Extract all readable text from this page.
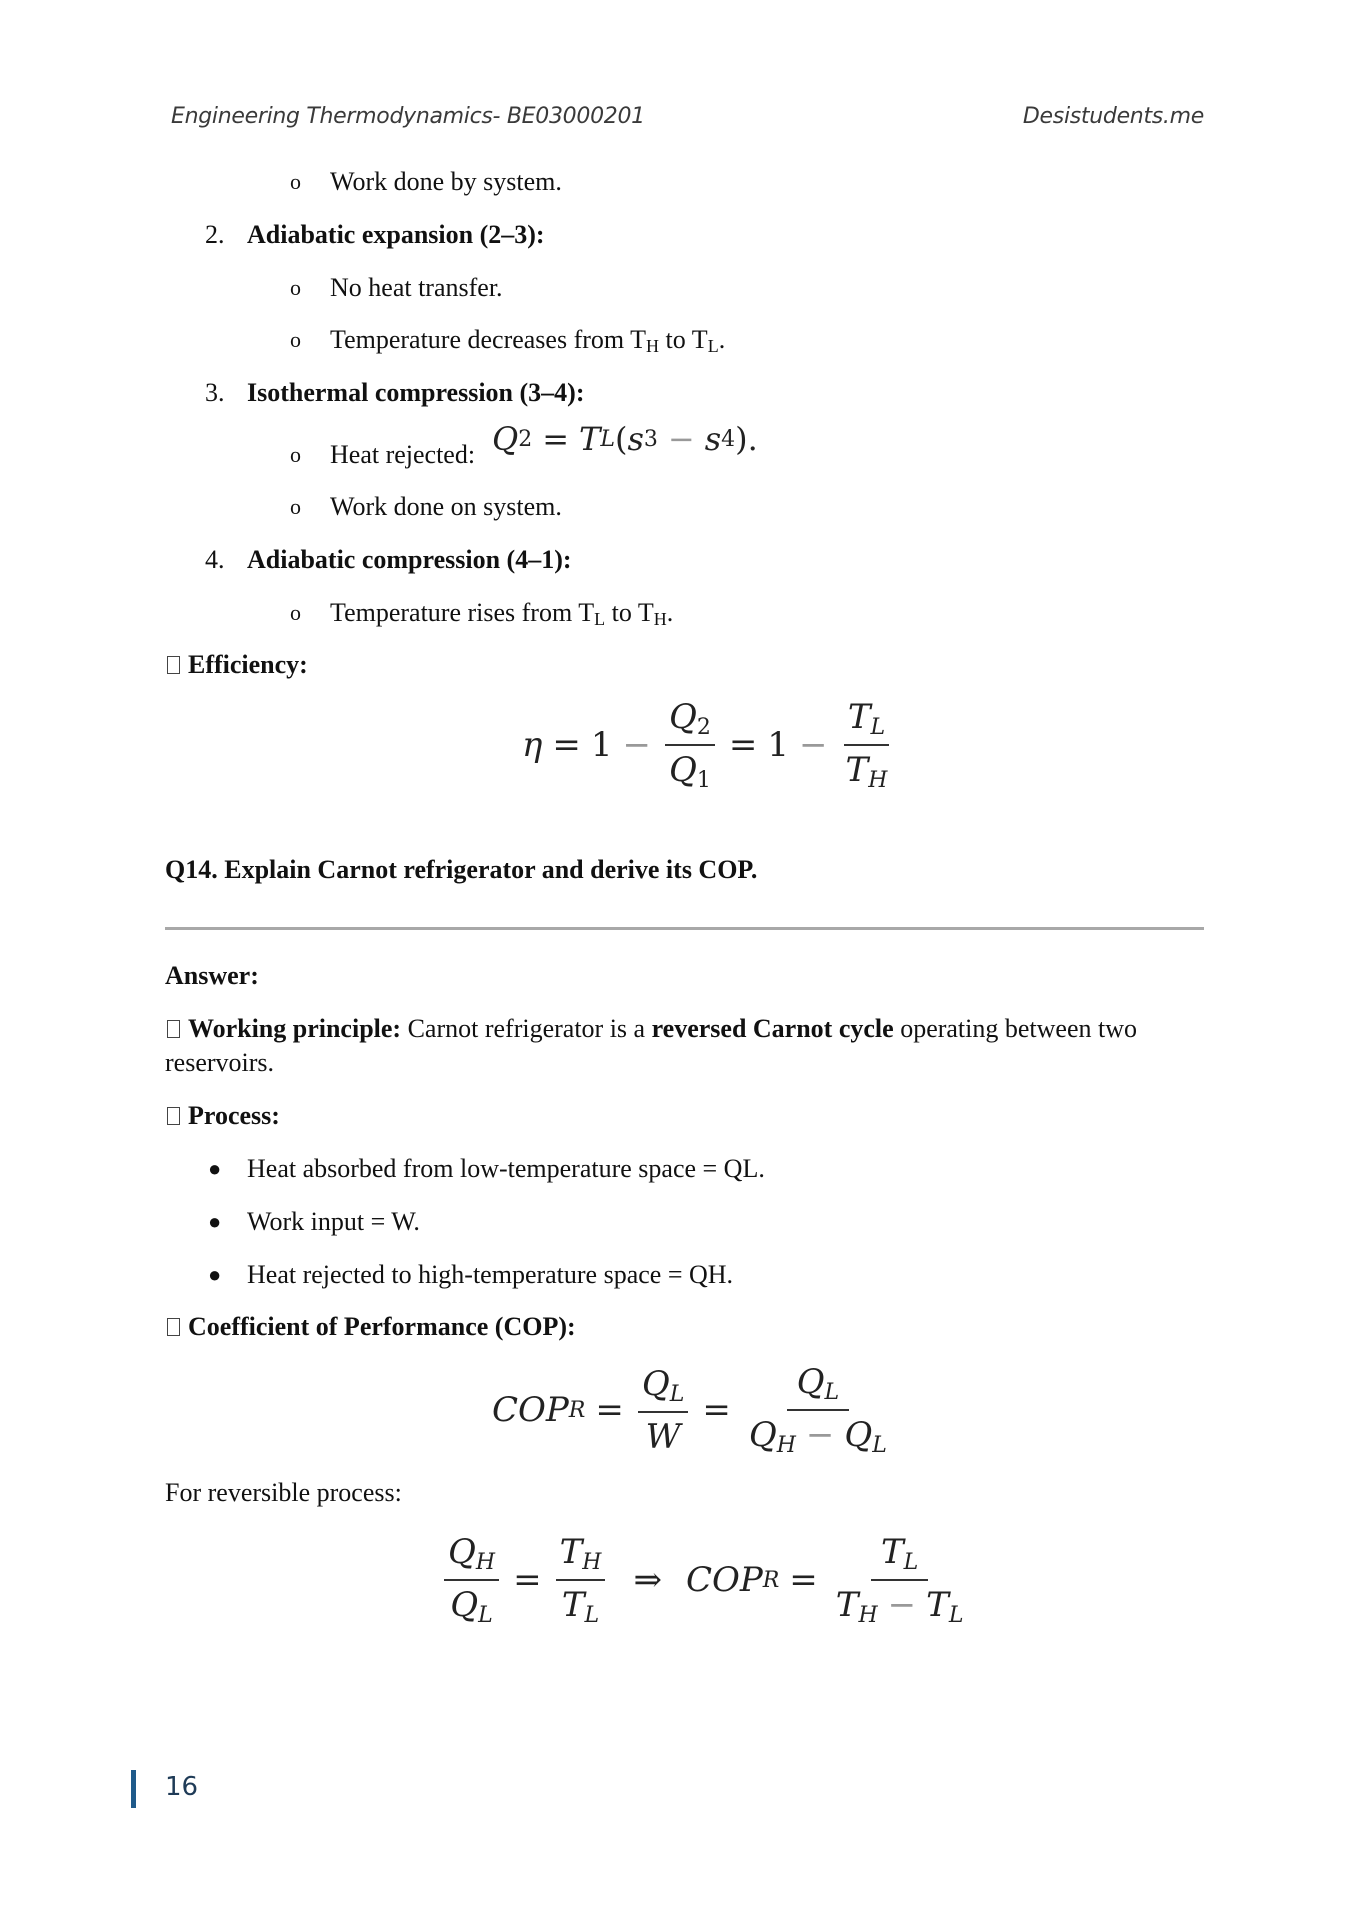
Engineering Thermodynamics- BE03000201	Desistudents.me
o Work done by system.
2. Adiabatic expansion (2–3):
o No heat transfer.
o Temperature decreases from $T_H$ to $T_L$.
3. Isothermal compression (3–4):
o Heat rejected: Q 2 = T L ( s 3 − s 4 ).
o Work done on system.
4. Adiabatic compression (4–1):
o Temperature rises from $T_L$ to $T_H$.
Efficiency:
$\eta = 1 - \frac{Q_2}{Q_1} = 1 - \frac{T_L}{T_H}$
Q14. Explain Carnot refrigerator and derive its COP.
Answer:
Working principle: Carnot refrigerator is a reversed Carnot cycle operating between two
reservoirs.
Process:
● Heat absorbed from low-temperature space = QL.
● Work input = W.
● Heat rejected to high-temperature space = QH.
Coefficient of Performance (COP):
COP $R = \frac{Q_L}{W} = \frac{Q_L}{Q_H - Q_L}$
For reversible process:
$\frac{Q_H}{Q_L} = \frac{T_H}{T_L}$ ⇒ COP $R = \frac{T_L}{T_H - T_L}$
16
